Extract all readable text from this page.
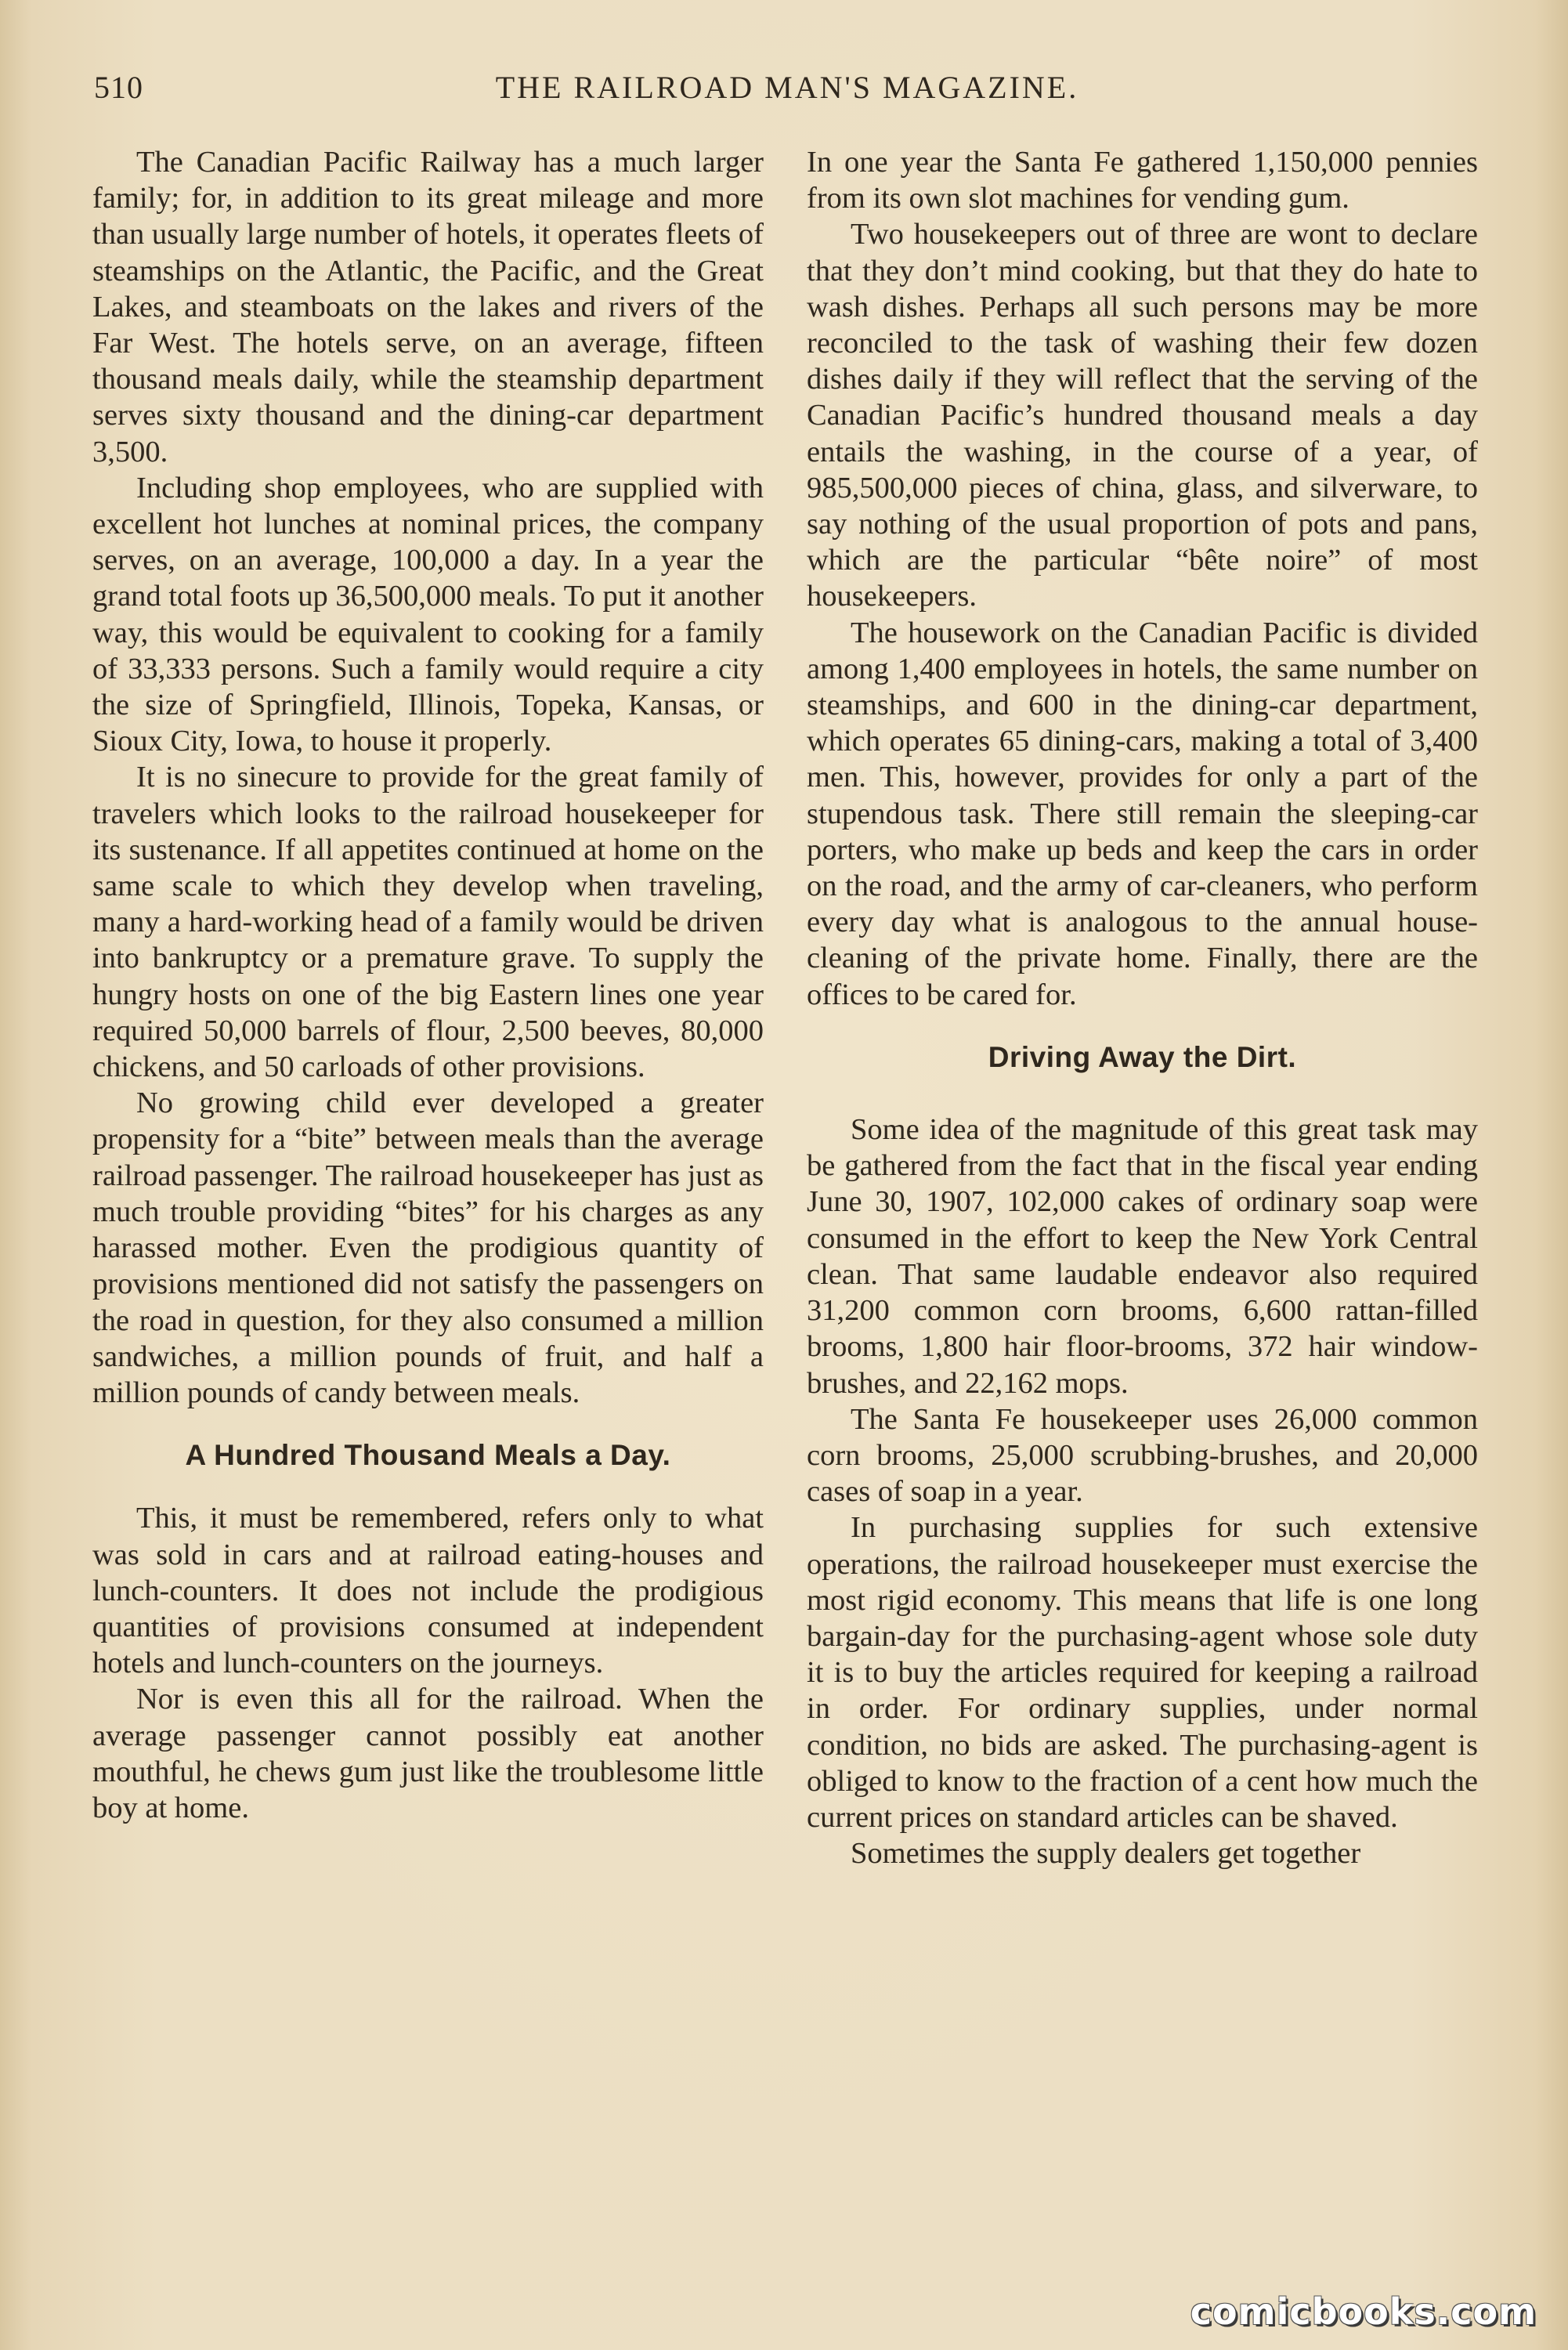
510	THE RAILROAD MAN'S MAGAZINE.

The Canadian Pacific Railway has a much larger family; for, in addition to its great mileage and more than usually large number of hotels, it operates fleets of steamships on the Atlantic, the Pacific, and the Great Lakes, and steamboats on the lakes and rivers of the Far West. The hotels serve, on an average, fifteen thousand meals daily, while the steamship department serves sixty thousand and the dining-car department 3,500.

Including shop employees, who are supplied with excellent hot lunches at nominal prices, the company serves, on an average, 100,000 a day. In a year the grand total foots up 36,500,000 meals. To put it another way, this would be equivalent to cooking for a family of 33,333 persons. Such a family would require a city the size of Springfield, Illinois, Topeka, Kansas, or Sioux City, Iowa, to house it properly.

It is no sinecure to provide for the great family of travelers which looks to the railroad housekeeper for its sustenance. If all appetites continued at home on the same scale to which they develop when traveling, many a hard-working head of a family would be driven into bankruptcy or a premature grave. To supply the hungry hosts on one of the big Eastern lines one year required 50,000 barrels of flour, 2,500 beeves, 80,000 chickens, and 50 carloads of other provisions.

No growing child ever developed a greater propensity for a “bite” between meals than the average railroad passenger. The railroad housekeeper has just as much trouble providing “bites” for his charges as any harassed mother. Even the prodigious quantity of provisions mentioned did not satisfy the passengers on the road in question, for they also consumed a million sandwiches, a million pounds of fruit, and half a million pounds of candy between meals.

A Hundred Thousand Meals a Day.

This, it must be remembered, refers only to what was sold in cars and at railroad eating-houses and lunch-counters. It does not include the prodigious quantities of provisions consumed at independent hotels and lunch-counters on the journeys.

Nor is even this all for the railroad. When the average passenger cannot possibly eat another mouthful, he chews gum just like the troublesome little boy at home.

In one year the Santa Fe gathered 1,150,000 pennies from its own slot machines for vending gum.

Two housekeepers out of three are wont to declare that they don’t mind cooking, but that they do hate to wash dishes. Perhaps all such persons may be more reconciled to the task of washing their few dozen dishes daily if they will reflect that the serving of the Canadian Pacific’s hundred thousand meals a day entails the washing, in the course of a year, of 985,500,000 pieces of china, glass, and silverware, to say nothing of the usual proportion of pots and pans, which are the particular “bête noire” of most housekeepers.

The housework on the Canadian Pacific is divided among 1,400 employees in hotels, the same number on steamships, and 600 in the dining-car department, which operates 65 dining-cars, making a total of 3,400 men. This, however, provides for only a part of the stupendous task. There still remain the sleeping-car porters, who make up beds and keep the cars in order on the road, and the army of car-cleaners, who perform every day what is analogous to the annual house-cleaning of the private home. Finally, there are the offices to be cared for.

Driving Away the Dirt.

Some idea of the magnitude of this great task may be gathered from the fact that in the fiscal year ending June 30, 1907, 102,000 cakes of ordinary soap were consumed in the effort to keep the New York Central clean. That same laudable endeavor also required 31,200 common corn brooms, 6,600 rattan-filled brooms, 1,800 hair floor-brooms, 372 hair window-brushes, and 22,162 mops.

The Santa Fe housekeeper uses 26,000 common corn brooms, 25,000 scrubbing-brushes, and 20,000 cases of soap in a year.

In purchasing supplies for such extensive operations, the railroad housekeeper must exercise the most rigid economy. This means that life is one long bargain-day for the purchasing-agent whose sole duty it is to buy the articles required for keeping a railroad in order. For ordinary supplies, under normal condition, no bids are asked. The purchasing-agent is obliged to know to the fraction of a cent how much the current prices on standard articles can be shaved.

Sometimes the supply dealers get together

comicbooks.com
